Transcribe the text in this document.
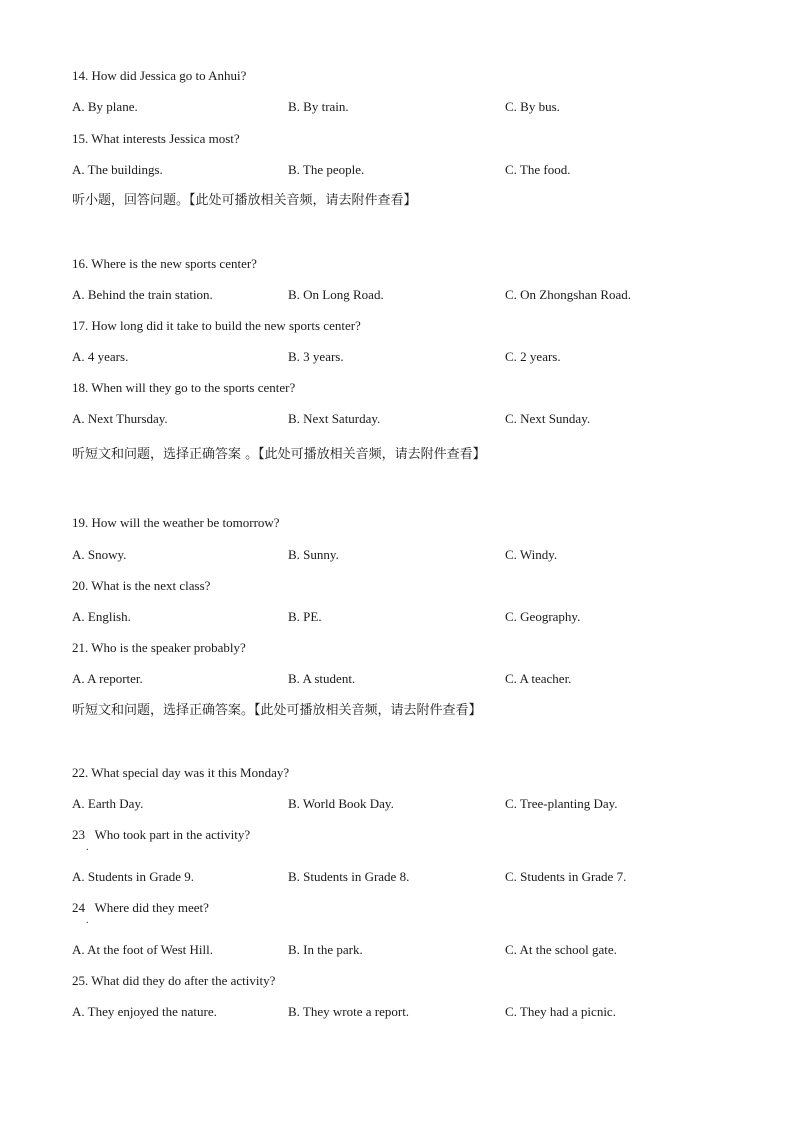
14. How did Jessica go to Anhui?
A. By plane.	B. By train.	C. By bus.
15. What interests Jessica most?
A. The buildings.	B. The people.	C. The food.
听小题，回答问题。【此处可播放相关音频，请去附件查看】
16. Where is the new sports center?
A. Behind the train station.	B. On Long Road.	C. On Zhongshan Road.
17. How long did it take to build the new sports center?
A. 4 years.	B. 3 years.	C. 2 years.
18. When will they go to the sports center?
A. Next Thursday.	B. Next Saturday.	C. Next Sunday.
听短文和问题，选择正确答案 。【此处可播放相关音频，请去附件查看】
19. How will the weather be tomorrow?
A. Snowy.	B. Sunny.	C. Windy.
20. What is the next class?
A. English.	B. PE.	C. Geography.
21. Who is the speaker probably?
A. A reporter.	B. A student.	C. A teacher.
听短文和问题，选择正确答案。【此处可播放相关音频，请去附件查看】
22. What special day was it this Monday?
A. Earth Day.	B. World Book Day.	C. Tree-planting Day.
23   Who took part in the activity?
.
A. Students in Grade 9.	B. Students in Grade 8.	C. Students in Grade 7.
24   Where did they meet?
.
A. At the foot of West Hill.	B. In the park.	C. At the school gate.
25. What did they do after the activity?
A. They enjoyed the nature.	B. They wrote a report.	C. They had a picnic.
